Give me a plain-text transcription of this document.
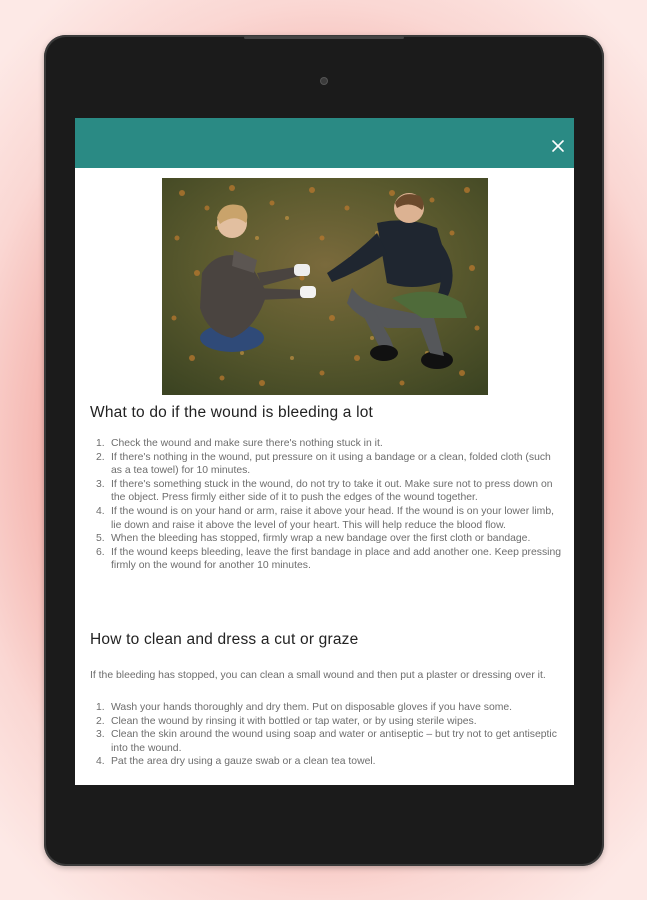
What to do if the wound is bleeding a lot
Check the wound and make sure there's nothing stuck in it.
If there's nothing in the wound, put pressure on it using a bandage or a clean, folded cloth (such as a tea towel) for 10 minutes.
If there's something stuck in the wound, do not try to take it out. Make sure not to press down on the object. Press firmly either side of it to push the edges of the wound together.
If the wound is on your hand or arm, raise it above your head. If the wound is on your lower limb, lie down and raise it above the level of your heart. This will help reduce the blood flow.
When the bleeding has stopped, firmly wrap a new bandage over the first cloth or bandage.
If the wound keeps bleeding, leave the first bandage in place and add another one. Keep pressing firmly on the wound for another 10 minutes.
How to clean and dress a cut or graze

If the bleeding has stopped, you can clean a small wound and then put a plaster or dressing over it.

Wash your hands thoroughly and dry them. Put on disposable gloves if you have some.
Clean the wound by rinsing it with bottled or tap water, or by using sterile wipes.
Clean the skin around the wound using soap and water or antiseptic – but try not to get antiseptic into the wound.
Pat the area dry using a gauze swab or a clean tea towel.
